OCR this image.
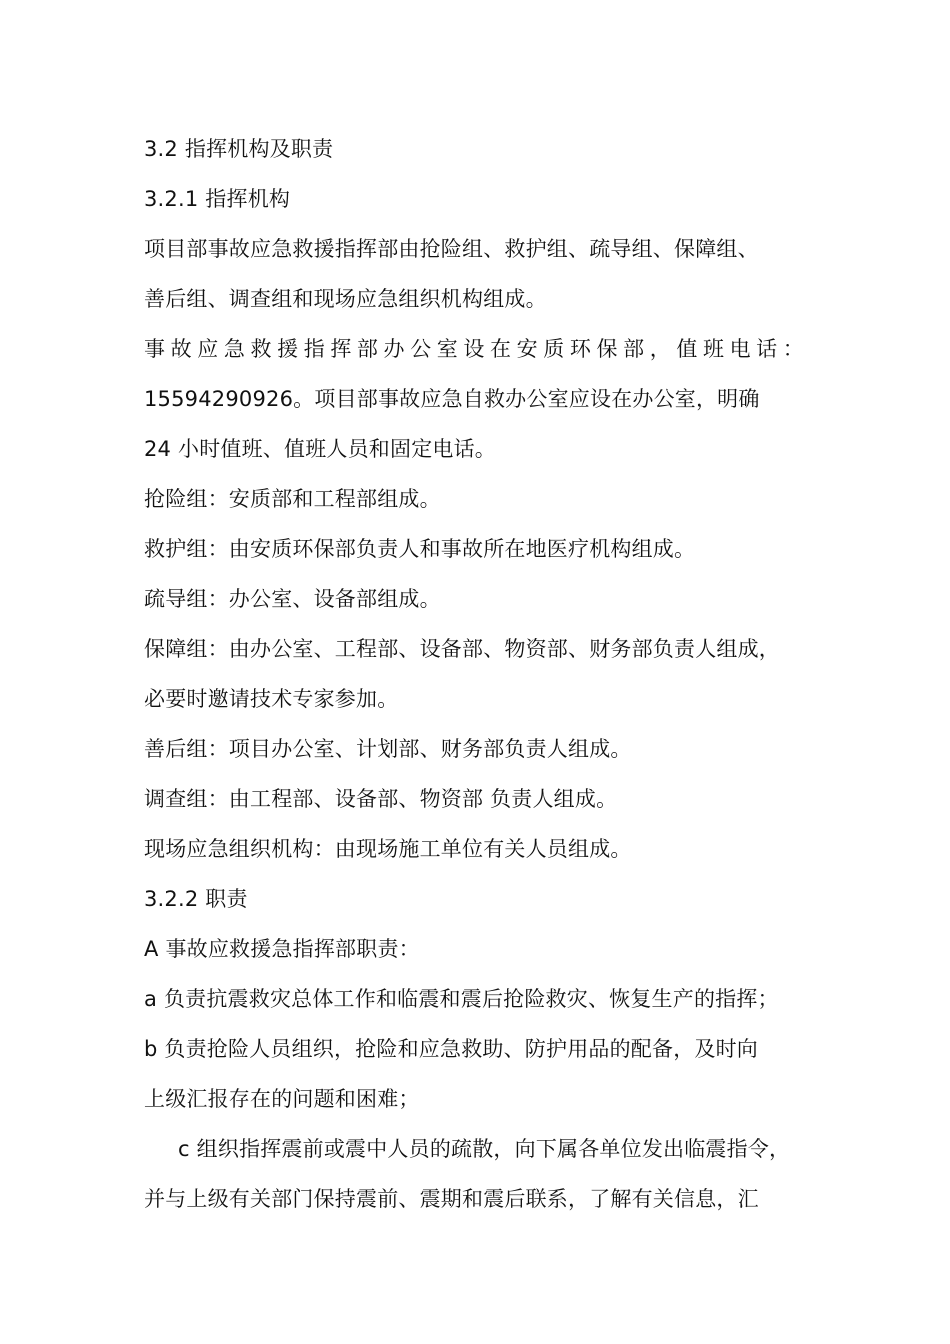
3.2 指挥机构及职责
3.2.1 指挥机构
项目部事故应急救援指挥部由抢险组、救护组、疏导组、保障组、
善后组、调查组和现场应急组织机构组成。
事故应急救援指挥部办公室设在安质环保部，值班电话：
15594290926。项目部事故应急自救办公室应设在办公室，明确
24 小时值班、值班人员和固定电话。
抢险组：安质部和工程部组成。
救护组：由安质环保部负责人和事故所在地医疗机构组成。
疏导组：办公室、设备部组成。
保障组：由办公室、工程部、设备部、物资部、财务部负责人组成，
必要时邀请技术专家参加。
善后组：项目办公室、计划部、财务部负责人组成。
调查组：由工程部、设备部、物资部 负责人组成。
现场应急组织机构：由现场施工单位有关人员组成。
3.2.2 职责
A 事故应救援急指挥部职责：
a 负责抗震救灾总体工作和临震和震后抢险救灾、恢复生产的指挥；
b 负责抢险人员组织，抢险和应急救助、防护用品的配备，及时向
上级汇报存在的问题和困难；
c 组织指挥震前或震中人员的疏散，向下属各单位发出临震指令，
并与上级有关部门保持震前、震期和震后联系，了解有关信息，汇
